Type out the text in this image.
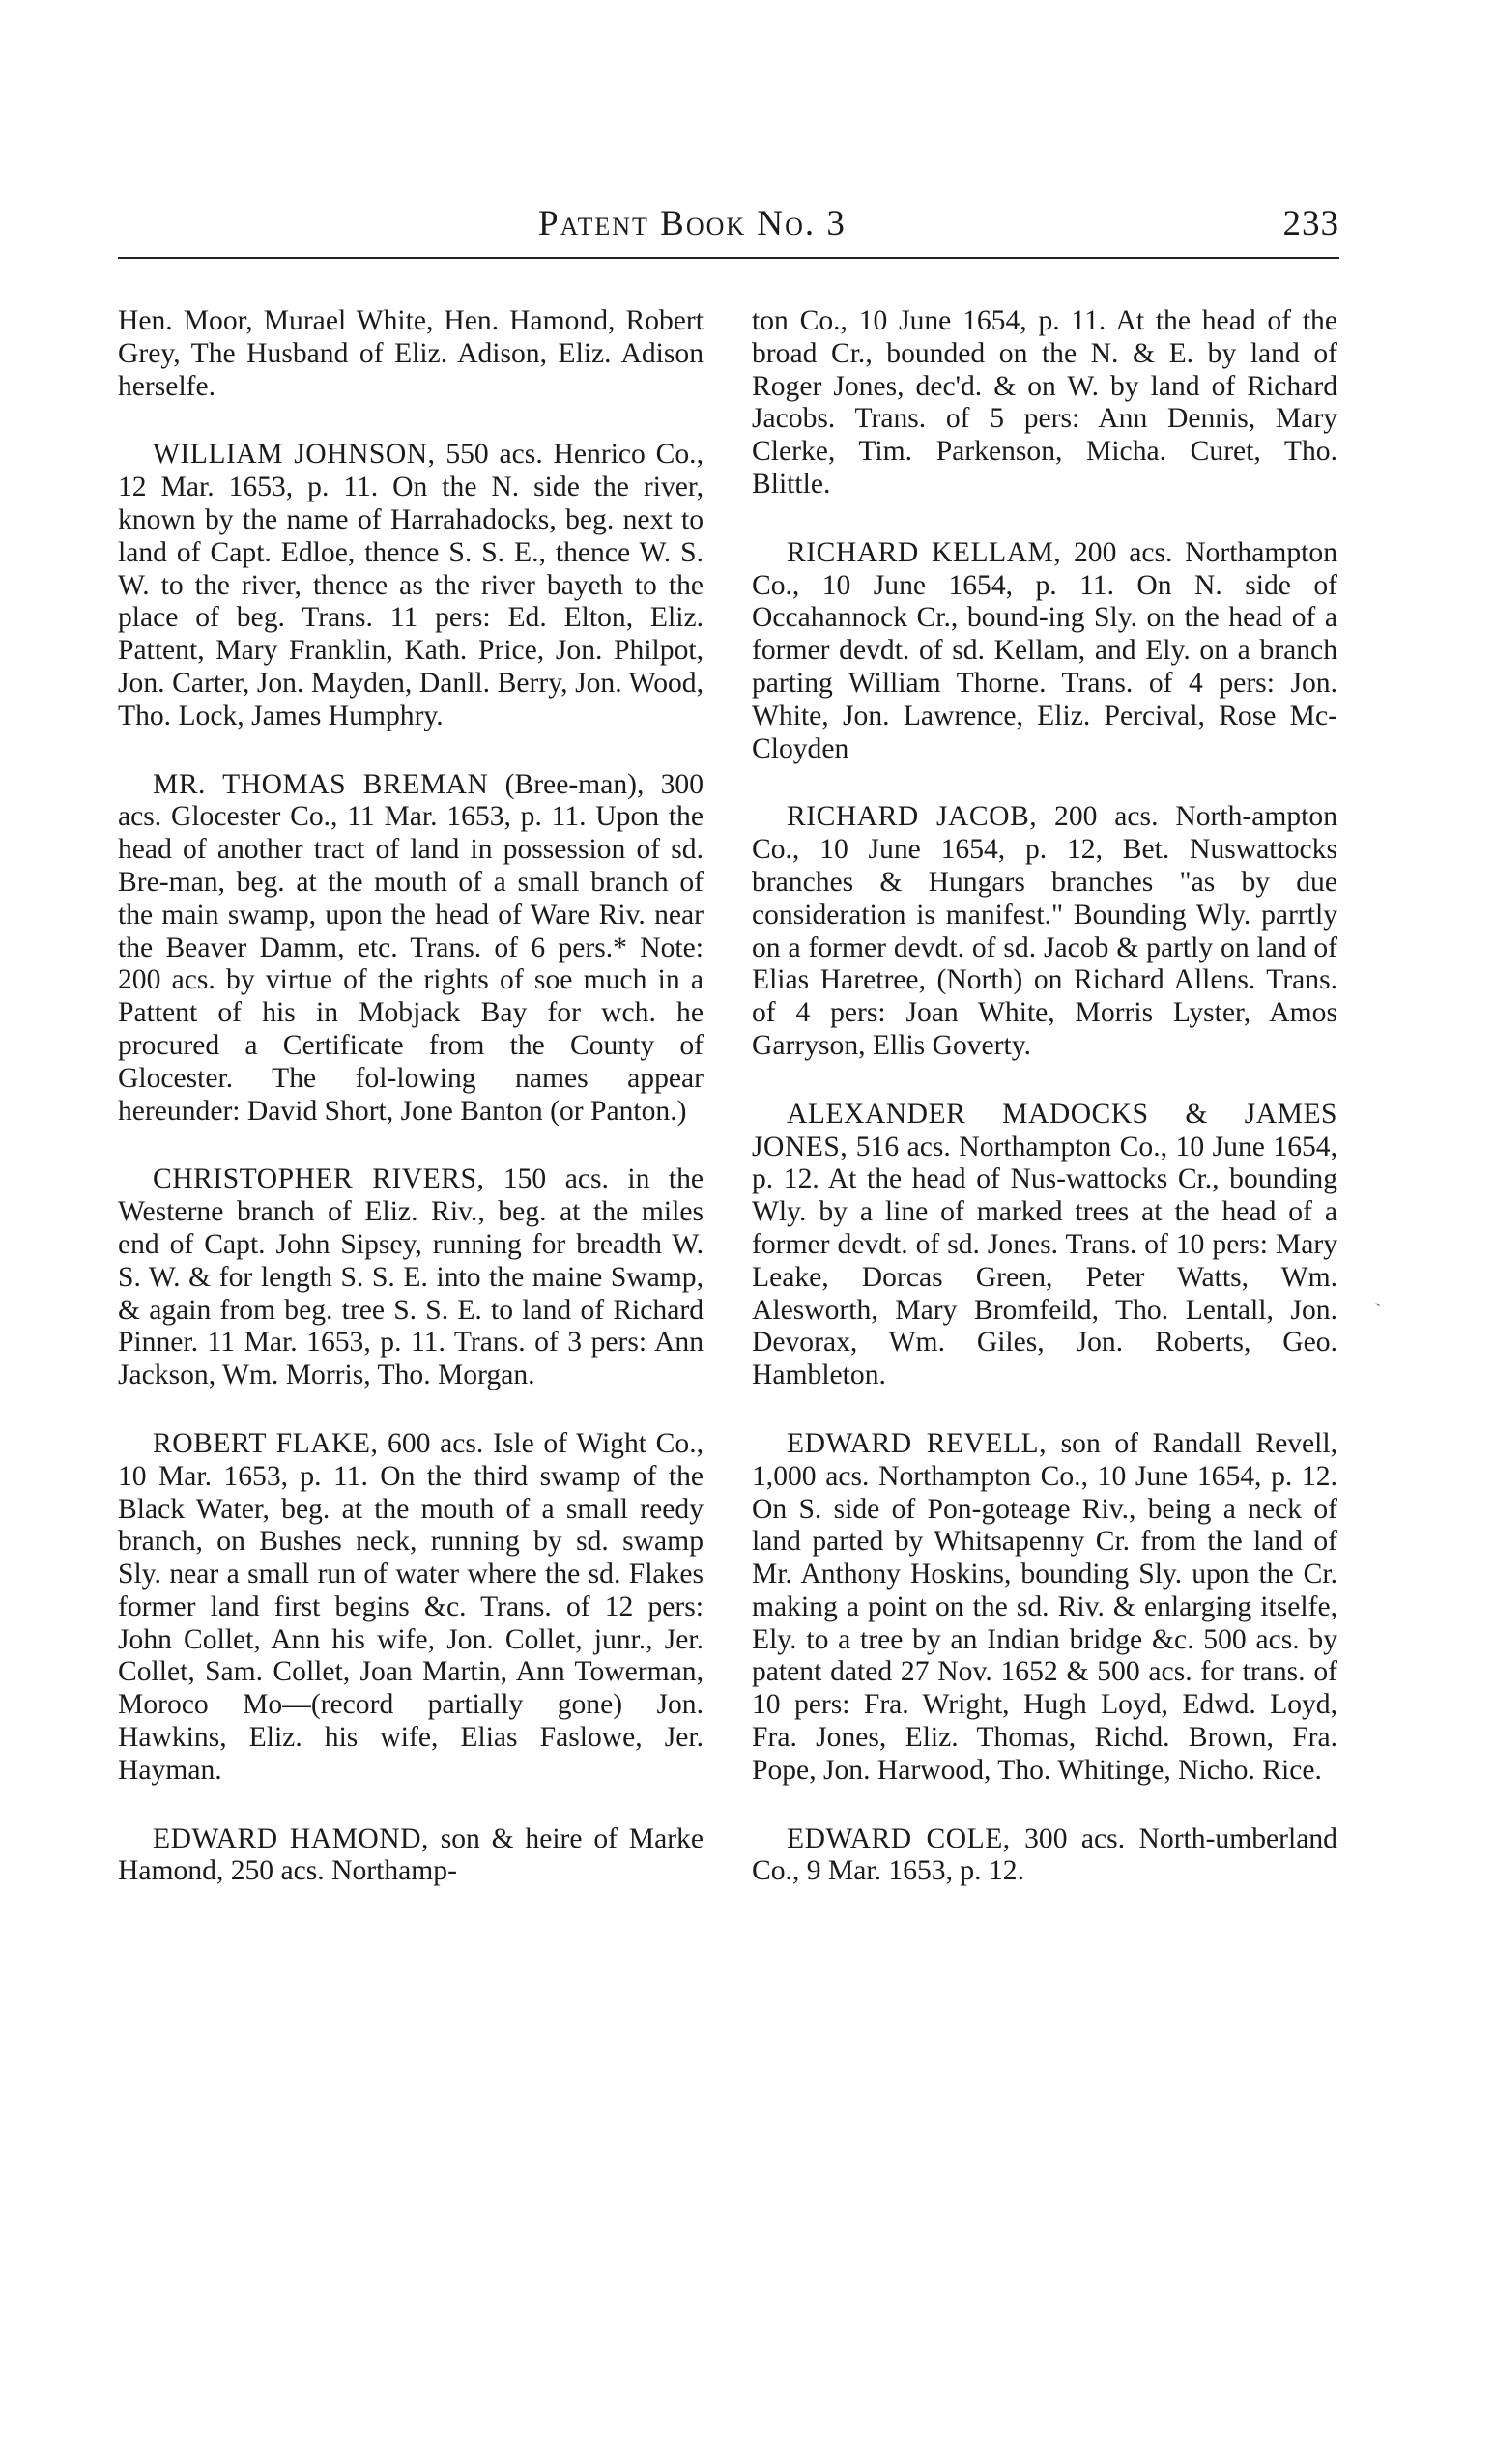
Patent Book No. 3	233

Hen. Moor, Murael White, Hen. Hamond, Robert Grey, The Husband of Eliz. Adison, Eliz. Adison herselfe.

WILLIAM JOHNSON, 550 acs. Henrico Co., 12 Mar. 1653, p. 11. On the N. side the river, known by the name of Harrahadocks, beg. next to land of Capt. Edloe, thence S. S. E., thence W. S. W. to the river, thence as the river bayeth to the place of beg. Trans. 11 pers: Ed. Elton, Eliz. Pattent, Mary Franklin, Kath. Price, Jon. Philpot, Jon. Carter, Jon. Mayden, Danll. Berry, Jon. Wood, Tho. Lock, James Humphry.

MR. THOMAS BREMAN (Bree-man), 300 acs. Glocester Co., 11 Mar. 1653, p. 11. Upon the head of another tract of land in possession of sd. Bre-man, beg. at the mouth of a small branch of the main swamp, upon the head of Ware Riv. near the Beaver Damm, etc. Trans. of 6 pers.* Note: 200 acs. by virtue of the rights of soe much in a Pattent of his in Mobjack Bay for wch. he procured a Certificate from the County of Glocester. The fol-lowing names appear hereunder: David Short, Jone Banton (or Panton.)

CHRISTOPHER RIVERS, 150 acs. in the Westerne branch of Eliz. Riv., beg. at the miles end of Capt. John Sipsey, running for breadth W. S. W. & for length S. S. E. into the maine Swamp, & again from beg. tree S. S. E. to land of Richard Pinner. 11 Mar. 1653, p. 11. Trans. of 3 pers: Ann Jackson, Wm. Morris, Tho. Morgan.

ROBERT FLAKE, 600 acs. Isle of Wight Co., 10 Mar. 1653, p. 11. On the third swamp of the Black Water, beg. at the mouth of a small reedy branch, on Bushes neck, running by sd. swamp Sly. near a small run of water where the sd. Flakes former land first begins &c. Trans. of 12 pers: John Collet, Ann his wife, Jon. Collet, junr., Jer. Collet, Sam. Collet, Joan Martin, Ann Towerman, Moroco Mo—(record partially gone) Jon. Hawkins, Eliz. his wife, Elias Faslowe, Jer. Hayman.

EDWARD HAMOND, son & heire of Marke Hamond, 250 acs. Northamp-

ton Co., 10 June 1654, p. 11. At the head of the broad Cr., bounded on the N. & E. by land of Roger Jones, dec'd. & on W. by land of Richard Jacobs. Trans. of 5 pers: Ann Dennis, Mary Clerke, Tim. Parkenson, Micha. Curet, Tho. Blittle.

RICHARD KELLAM, 200 acs. Northampton Co., 10 June 1654, p. 11. On N. side of Occahannock Cr., bound-ing Sly. on the head of a former devdt. of sd. Kellam, and Ely. on a branch parting William Thorne. Trans. of 4 pers: Jon. White, Jon. Lawrence, Eliz. Percival, Rose Mc-Cloyden

RICHARD JACOB, 200 acs. North-ampton Co., 10 June 1654, p. 12, Bet. Nuswattocks branches & Hungars branches "as by due consideration is manifest." Bounding Wly. parrtly on a former devdt. of sd. Jacob & partly on land of Elias Haretree, (North) on Richard Allens. Trans. of 4 pers: Joan White, Morris Lyster, Amos Garryson, Ellis Goverty.

ALEXANDER MADOCKS & JAMES JONES, 516 acs. Northampton Co., 10 June 1654, p. 12. At the head of Nus-wattocks Cr., bounding Wly. by a line of marked trees at the head of a former devdt. of sd. Jones. Trans. of 10 pers: Mary Leake, Dorcas Green, Peter Watts, Wm. Alesworth, Mary Bromfeild, Tho. Lentall, Jon. Devorax, Wm. Giles, Jon. Roberts, Geo. Hambleton.

EDWARD REVELL, son of Randall Revell, 1,000 acs. Northampton Co., 10 June 1654, p. 12. On S. side of Pon-goteage Riv., being a neck of land parted by Whitsapenny Cr. from the land of Mr. Anthony Hoskins, bounding Sly. upon the Cr. making a point on the sd. Riv. & enlarging itselfe, Ely. to a tree by an Indian bridge &c. 500 acs. by patent dated 27 Nov. 1652 & 500 acs. for trans. of 10 pers: Fra. Wright, Hugh Loyd, Edwd. Loyd, Fra. Jones, Eliz. Thomas, Richd. Brown, Fra. Pope, Jon. Harwood, Tho. Whitinge, Nicho. Rice.

EDWARD COLE, 300 acs. North-umberland Co., 9 Mar. 1653, p. 12.

`
